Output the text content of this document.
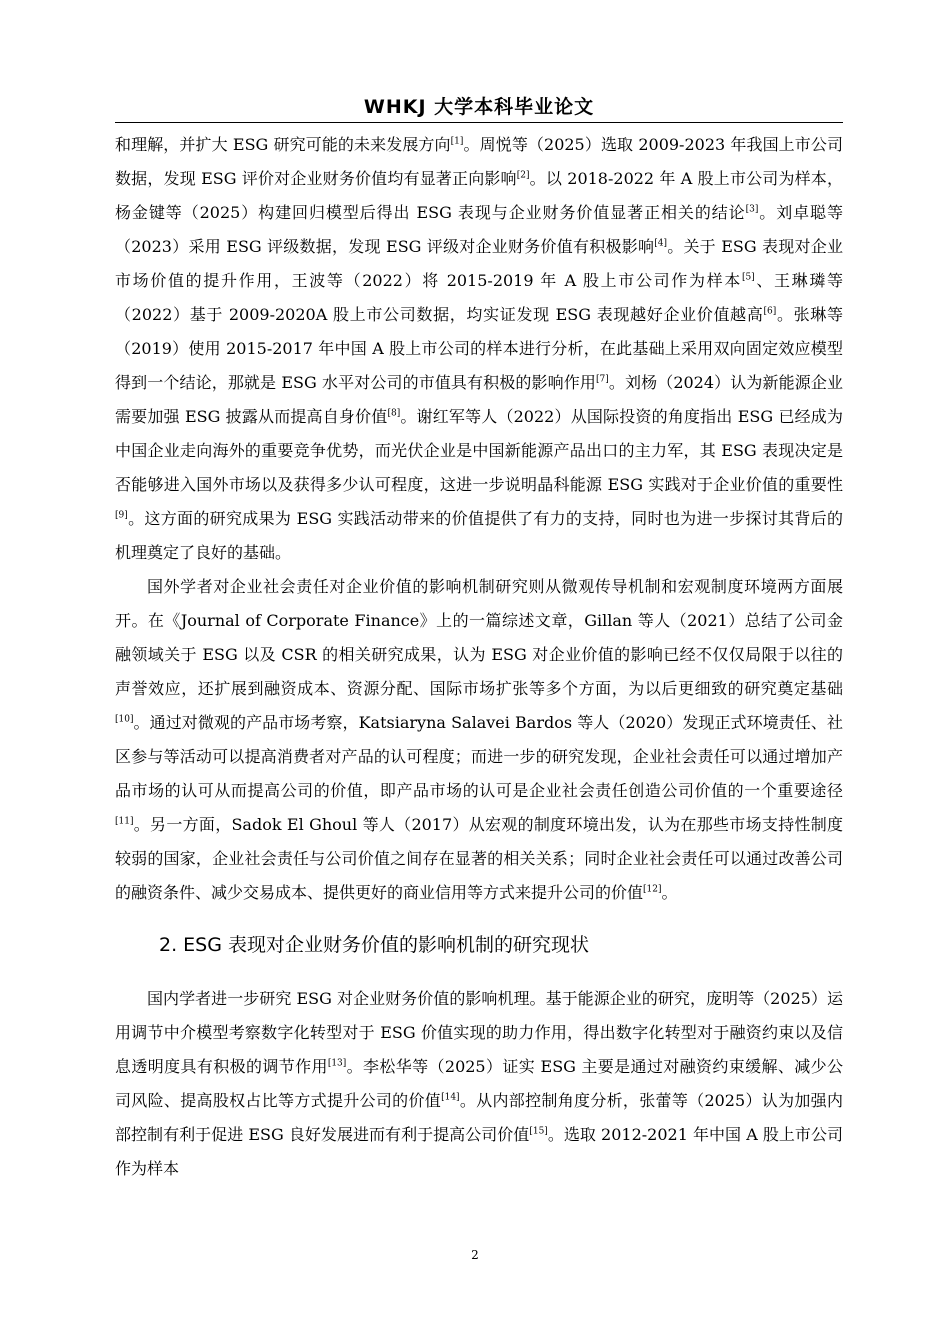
WHKJ 大学本科毕业论文

和理解，并扩大 ESG 研究可能的未来发展方向[1]。周悦等（2025）选取 2009-2023 年我国上市公司数据，发现 ESG 评价对企业财务价值均有显著正向影响[2]。以 2018-2022 年 A 股上市公司为样本，杨金键等（2025）构建回归模型后得出 ESG 表现与企业财务价值显著正相关的结论[3]。刘卓聪等（2023）采用 ESG 评级数据，发现 ESG 评级对企业财务价值有积极影响[4]。关于 ESG 表现对企业市场价值的提升作用，王波等（2022）将 2015-2019 年 A 股上市公司作为样本[5]、王琳璘等（2022）基于 2009-2020A 股上市公司数据，均实证发现 ESG 表现越好企业价值越高[6]。张琳等（2019）使用 2015-2017 年中国 A 股上市公司的样本进行分析，在此基础上采用双向固定效应模型得到一个结论，那就是 ESG 水平对公司的市值具有积极的影响作用[7]。刘杨（2024）认为新能源企业需要加强 ESG 披露从而提高自身价值[8]。谢红军等人（2022）从国际投资的角度指出 ESG 已经成为中国企业走向海外的重要竞争优势，而光伏企业是中国新能源产品出口的主力军，其 ESG 表现决定是否能够进入国外市场以及获得多少认可程度，这进一步说明晶科能源 ESG 实践对于企业价值的重要性[9]。这方面的研究成果为 ESG 实践活动带来的价值提供了有力的支持，同时也为进一步探讨其背后的机理奠定了良好的基础。

国外学者对企业社会责任对企业价值的影响机制研究则从微观传导机制和宏观制度环境两方面展开。在《Journal of Corporate Finance》上的一篇综述文章，Gillan 等人（2021）总结了公司金融领域关于 ESG 以及 CSR 的相关研究成果，认为 ESG 对企业价值的影响已经不仅仅局限于以往的声誉效应，还扩展到融资成本、资源分配、国际市场扩张等多个方面，为以后更细致的研究奠定基础[10]。通过对微观的产品市场考察，Katsiaryna Salavei Bardos 等人（2020）发现正式环境责任、社区参与等活动可以提高消费者对产品的认可程度；而进一步的研究发现，企业社会责任可以通过增加产品市场的认可从而提高公司的价值，即产品市场的认可是企业社会责任创造公司价值的一个重要途径[11]。另一方面，Sadok El Ghoul 等人（2017）从宏观的制度环境出发，认为在那些市场支持性制度较弱的国家，企业社会责任与公司价值之间存在显著的相关关系；同时企业社会责任可以通过改善公司的融资条件、减少交易成本、提供更好的商业信用等方式来提升公司的价值[12]。

2. ESG 表现对企业财务价值的影响机制的研究现状

国内学者进一步研究 ESG 对企业财务价值的影响机理。基于能源企业的研究，庞明等（2025）运用调节中介模型考察数字化转型对于 ESG 价值实现的助力作用，得出数字化转型对于融资约束以及信息透明度具有积极的调节作用[13]。李松华等（2025）证实 ESG 主要是通过对融资约束缓解、减少公司风险、提高股权占比等方式提升公司的价值[14]。从内部控制角度分析，张蕾等（2025）认为加强内部控制有利于促进 ESG 良好发展进而有利于提高公司价值[15]。选取 2012-2021 年中国 A 股上市公司作为样本

2
